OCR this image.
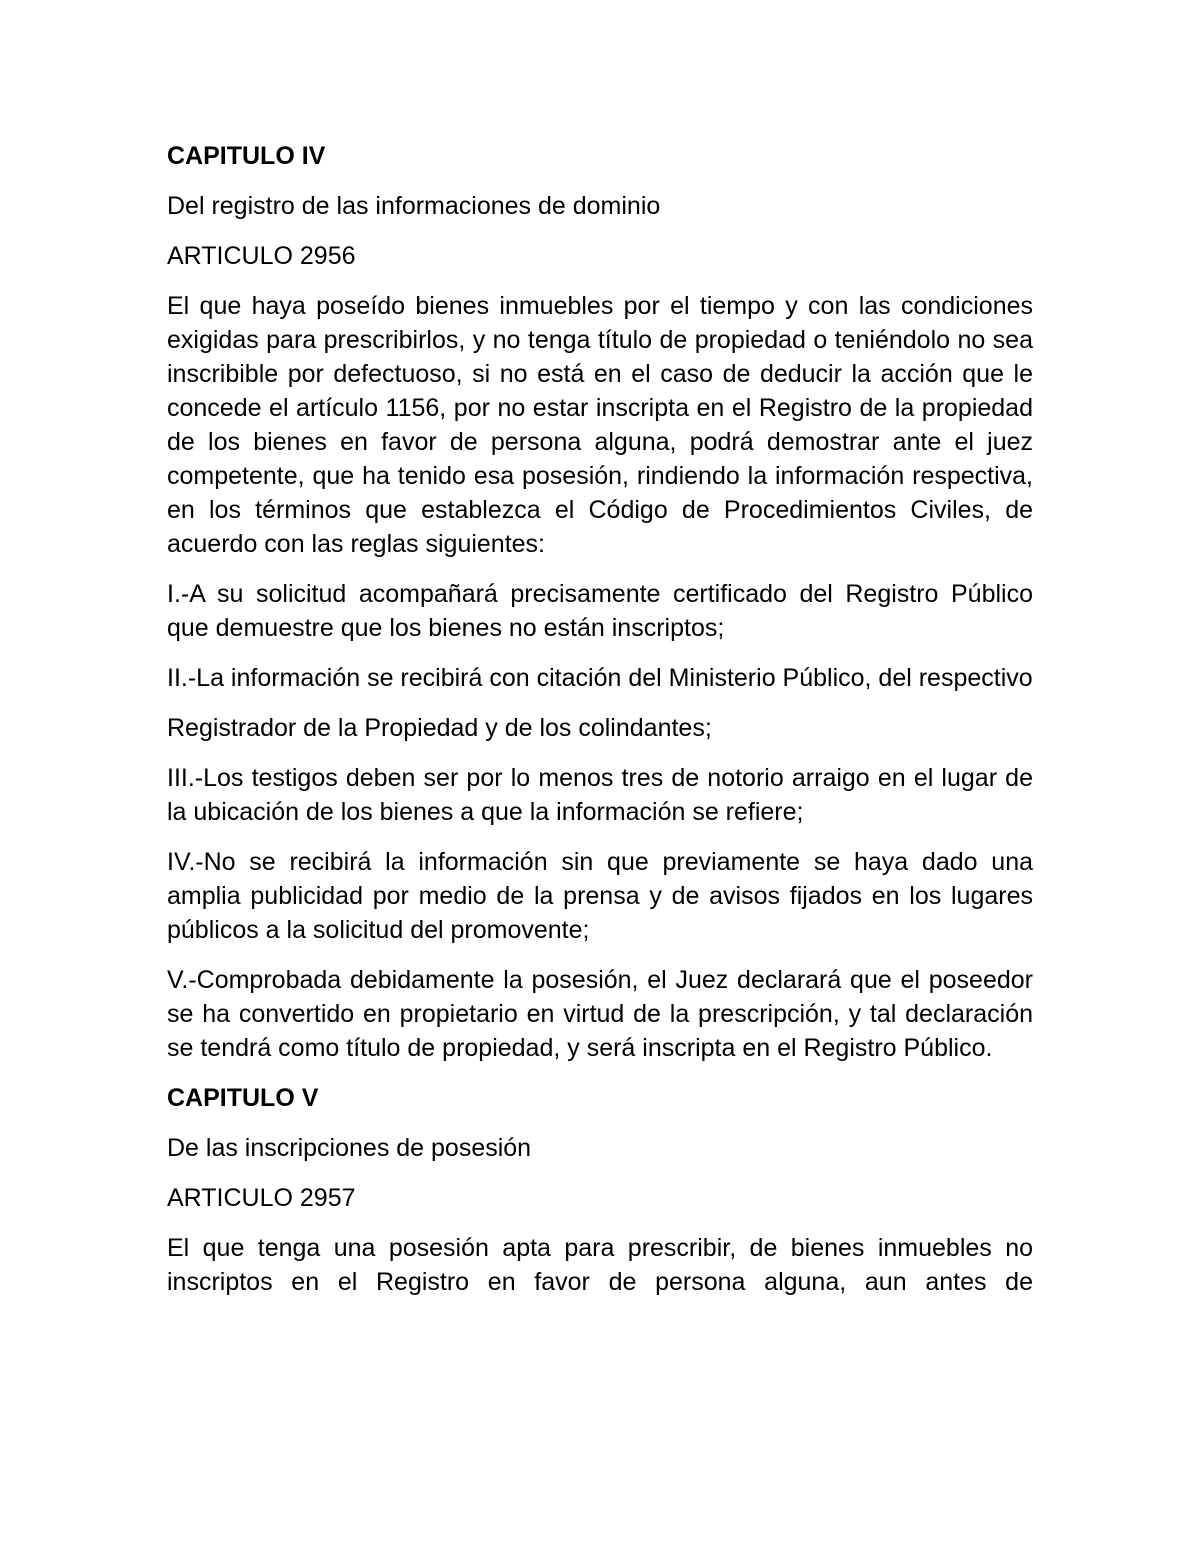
CAPITULO IV

Del registro de las informaciones de dominio

ARTICULO 2956

El que haya poseído bienes inmuebles por el tiempo y con las condiciones exigidas para prescribirlos, y no tenga título de propiedad o teniéndolo no sea inscribible por defectuoso, si no está en el caso de deducir la acción que le concede el artículo 1156, por no estar inscripta en el Registro de la propiedad de los bienes en favor de persona alguna, podrá demostrar ante el juez competente, que ha tenido esa posesión, rindiendo la información respectiva, en los términos que establezca el Código de Procedimientos Civiles, de acuerdo con las reglas siguientes:

I.-A su solicitud acompañará precisamente certificado del Registro Público que demuestre que los bienes no están inscriptos;

II.-La información se recibirá con citación del Ministerio Público, del respectivo

Registrador de la Propiedad y de los colindantes;

III.-Los testigos deben ser por lo menos tres de notorio arraigo en el lugar de la ubicación de los bienes a que la información se refiere;

IV.-No se recibirá la información sin que previamente se haya dado una amplia publicidad por medio de la prensa y de avisos fijados en los lugares públicos a la solicitud del promovente;

V.-Comprobada debidamente la posesión, el Juez declarará que el poseedor se ha convertido en propietario en virtud de la prescripción, y tal declaración se tendrá como título de propiedad, y será inscripta en el Registro Público.

CAPITULO V

De las inscripciones de posesión

ARTICULO 2957

El que tenga una posesión apta para prescribir, de bienes inmuebles no inscriptos en el Registro en favor de persona alguna, aun antes de
